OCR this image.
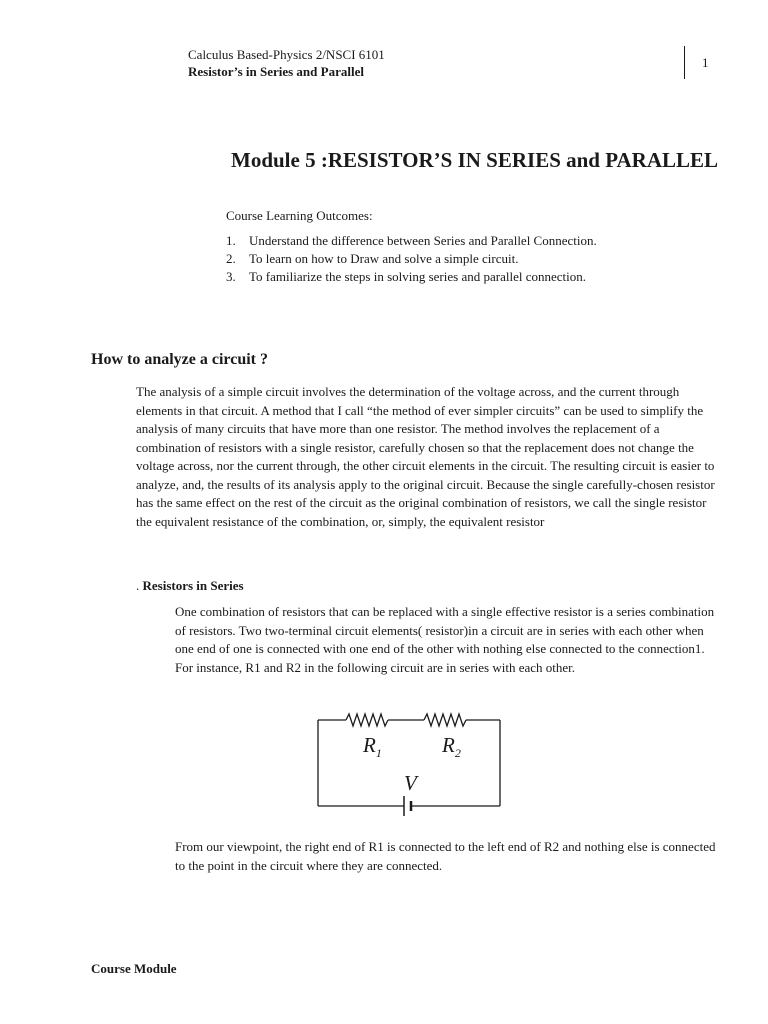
Calculus Based-Physics 2/NSCI 6101
Resistor’s in Series and Parallel
1
Module 5 :RESISTOR’S IN SERIES and PARALLEL
Course Learning Outcomes:
1. Understand the difference between Series and Parallel Connection.
2. To learn on how to Draw and solve a simple circuit.
3. To familiarize the steps in solving series and parallel connection.
How to analyze a circuit ?

The analysis of a simple circuit involves the determination of the voltage across, and the current through elements in that circuit. A method that I call “the method of ever simpler circuits” can be used to simplify the analysis of many circuits that have more than one resistor. The method involves the replacement of a combination of resistors with a single resistor, carefully chosen so that the replacement does not change the voltage across, nor the current through, the other circuit elements in the circuit. The resulting circuit is easier to analyze, and, the results of its analysis apply to the original circuit. Because the single carefully-chosen resistor has the same effect on the rest of the circuit as the original combination of resistors, we call the single resistor the equivalent resistance of the combination, or, simply, the equivalent resistor

. Resistors in Series

One combination of resistors that can be replaced with a single effective resistor is a series combination of resistors. Two two-terminal circuit elements( resistor)in a circuit are in series with each other when one end of one is connected with one end of the other with nothing else connected to the connection1. For instance, R1 and R2 in the following circuit are in series with each other.

$R_1$	$R_2$
V

From our viewpoint, the right end of R1 is connected to the left end of R2 and nothing else is connected to the point in the circuit where they are connected.

Course Module
